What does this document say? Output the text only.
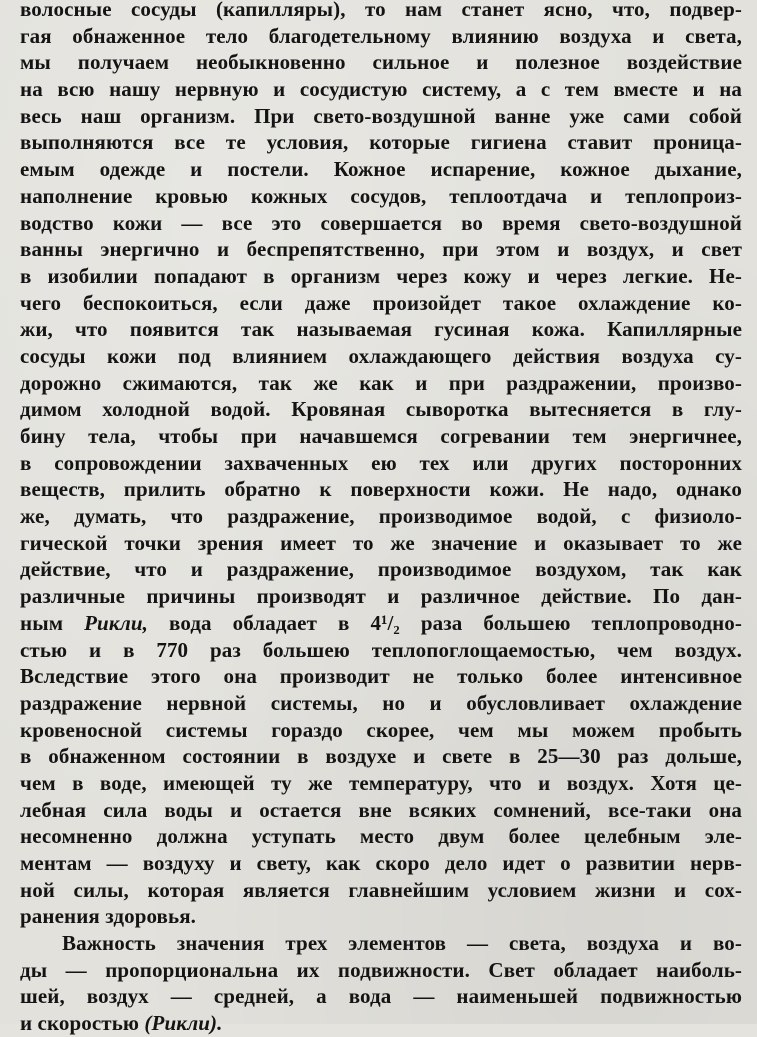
волосные сосуды (капилляры), то нам станет ясно, что, подвер-
гая обнаженное тело благодетельному влиянию воздуха и света,
мы получаем необыкновенно сильное и полезное воздействие
на всю нашу нервную и сосудистую систему, а с тем вместе и на
весь наш организм. При свето-воздушной ванне уже сами собой
выполняются все те условия, которые гигиена ставит проница-
емым одежде и постели. Кожное испарение, кожное дыхание,
наполнение кровью кожных сосудов, теплоотдача и теплопроиз-
водство кожи — все это совершается во время свето-воздушной
ванны энергично и беспрепятственно, при этом и воздух, и свет
в изобилии попадают в организм через кожу и через легкие. Не-
чего беспокоиться, если даже произойдет такое охлаждение ко-
жи, что появится так называемая гусиная кожа. Капиллярные
сосуды кожи под влиянием охлаждающего действия воздуха су-
дорожно сжимаются, так же как и при раздражении, произво-
димом холодной водой. Кровяная сыворотка вытесняется в глу-
бину тела, чтобы при начавшемся согревании тем энергичнее,
в сопровождении захваченных ею тех или других посторонних
веществ, прилить обратно к поверхности кожи. Не надо, однако
же, думать, что раздражение, производимое водой, с физиоло-
гической точки зрения имеет то же значение и оказывает то же
действие, что и раздражение, производимое воздухом, так как
различные причины производят и различное действие. По дан-
ным Рикли, вода обладает в 4¹/₂ раза большею теплопроводно-
стью и в 770 раз большею теплопоглощаемостью, чем воздух.
Вследствие этого она производит не только более интенсивное
раздражение нервной системы, но и обусловливает охлаждение
кровеносной системы гораздо скорее, чем мы можем пробыть
в обнаженном состоянии в воздухе и свете в 25—30 раз дольше,
чем в воде, имеющей ту же температуру, что и воздух. Хотя це-
лебная сила воды и остается вне всяких сомнений, все-таки она
несомненно должна уступать место двум более целебным эле-
ментам — воздуху и свету, как скоро дело идет о развитии нерв-
ной силы, которая является главнейшим условием жизни и сох-
ранения здоровья.
Важность значения трех элементов — света, воздуха и во-
ды — пропорциональна их подвижности. Свет обладает наиболь-
шей, воздух — средней, а вода — наименьшей подвижностью
и скоростью (Рикли).
